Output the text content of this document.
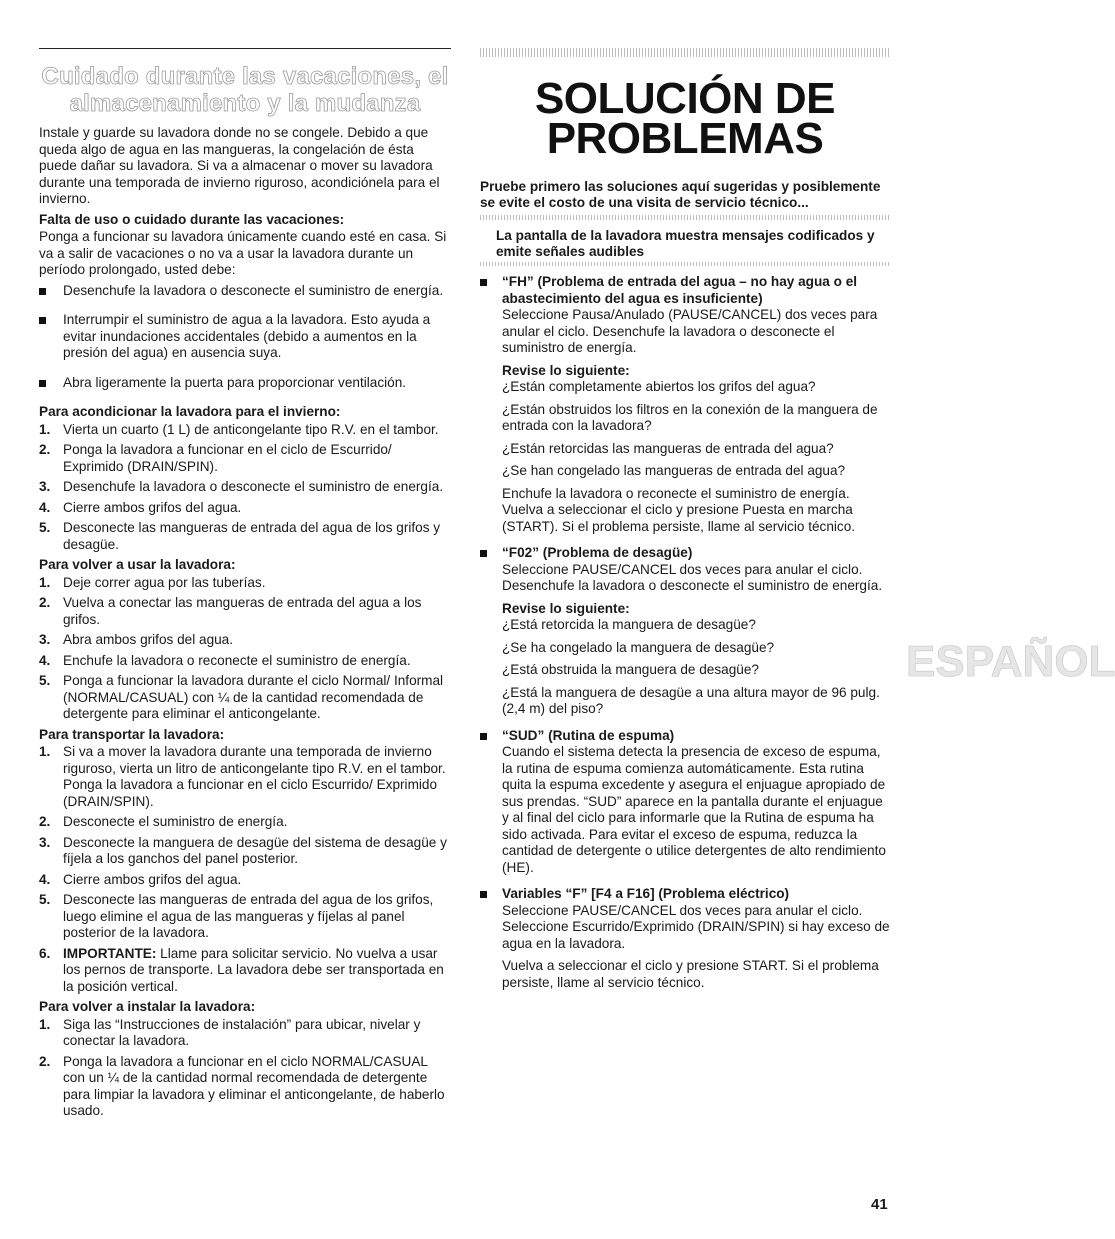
Cuidado durante las vacaciones, el
almacenamiento y la mudanza

Instale y guarde su lavadora donde no se congele. Debido a que queda algo de agua en las mangueras, la congelación de ésta puede dañar su lavadora. Si va a almacenar o mover su lavadora durante una temporada de invierno riguroso, acondiciónela para el invierno.

Falta de uso o cuidado durante las vacaciones:

Ponga a funcionar su lavadora únicamente cuando esté en casa. Si va a salir de vacaciones o no va a usar la lavadora durante un período prolongado, usted debe:

Desenchufe la lavadora o desconecte el suministro de energía.
Interrumpir el suministro de agua a la lavadora. Esto ayuda a evitar inundaciones accidentales (debido a aumentos en la presión del agua) en ausencia suya.
Abra ligeramente la puerta para proporcionar ventilación.
Para acondicionar la lavadora para el invierno:
1. Vierta un cuarto (1 L) de anticongelante tipo R.V. en el tambor.
2. Ponga la lavadora a funcionar en el ciclo de Escurrido/ Exprimido (DRAIN/SPIN).
3. Desenchufe la lavadora o desconecte el suministro de energía.
4. Cierre ambos grifos del agua.
5. Desconecte las mangueras de entrada del agua de los grifos y desagüe.
Para volver a usar la lavadora:
1. Deje correr agua por las tuberías.
2. Vuelva a conectar las mangueras de entrada del agua a los grifos.
3. Abra ambos grifos del agua.
4. Enchufe la lavadora o reconecte el suministro de energía.
5. Ponga a funcionar la lavadora durante el ciclo Normal/ Informal (NORMAL/CASUAL) con ¼ de la cantidad recomendada de detergente para eliminar el anticongelante.
Para transportar la lavadora:
1. Si va a mover la lavadora durante una temporada de invierno riguroso, vierta un litro de anticongelante tipo R.V. en el tambor. Ponga la lavadora a funcionar en el ciclo Escurrido/ Exprimido (DRAIN/SPIN).
2. Desconecte el suministro de energía.
3. Desconecte la manguera de desagüe del sistema de desagüe y fíjela a los ganchos del panel posterior.
4. Cierre ambos grifos del agua.
5. Desconecte las mangueras de entrada del agua de los grifos, luego elimine el agua de las mangueras y fíjelas al panel posterior de la lavadora.
6. IMPORTANTE: Llame para solicitar servicio. No vuelva a usar los pernos de transporte. La lavadora debe ser transportada en la posición vertical.
Para volver a instalar la lavadora:
1. Siga las “Instrucciones de instalación” para ubicar, nivelar y conectar la lavadora.
2. Ponga la lavadora a funcionar en el ciclo NORMAL/CASUAL con un ¼ de la cantidad normal recomendada de detergente para limpiar la lavadora y eliminar el anticongelante, de haberlo usado.
SOLUCIÓN DE
PROBLEMAS

Pruebe primero las soluciones aquí sugeridas y posiblemente se evite el costo de una visita de servicio técnico...

La pantalla de la lavadora muestra mensajes codificados y emite señales audibles
“FH” (Problema de entrada del agua – no hay agua o el abastecimiento del agua es insuficiente)
Seleccione Pausa/Anulado (PAUSE/CANCEL) dos veces para anular el ciclo. Desenchufe la lavadora o desconecte el suministro de energía.
Revise lo siguiente:
¿Están completamente abiertos los grifos del agua?
¿Están obstruidos los filtros en la conexión de la manguera de entrada con la lavadora?
¿Están retorcidas las mangueras de entrada del agua?
¿Se han congelado las mangueras de entrada del agua?
Enchufe la lavadora o reconecte el suministro de energía. Vuelva a seleccionar el ciclo y presione Puesta en marcha (START). Si el problema persiste, llame al servicio técnico.
“F02” (Problema de desagüe)
Seleccione PAUSE/CANCEL dos veces para anular el ciclo. Desenchufe la lavadora o desconecte el suministro de energía.
Revise lo siguiente:
¿Está retorcida la manguera de desagüe?
¿Se ha congelado la manguera de desagüe?
¿Está obstruida la manguera de desagüe?
¿Está la manguera de desagüe a una altura mayor de 96 pulg. (2,4 m) del piso?
“SUD” (Rutina de espuma)
Cuando el sistema detecta la presencia de exceso de espuma, la rutina de espuma comienza automáticamente. Esta rutina quita la espuma excedente y asegura el enjuague apropiado de sus prendas. “SUD” aparece en la pantalla durante el enjuague y al final del ciclo para informarle que la Rutina de espuma ha sido activada. Para evitar el exceso de espuma, reduzca la cantidad de detergente o utilice detergentes de alto rendimiento (HE).
Variables “F” [F4 a F16] (Problema eléctrico)
Seleccione PAUSE/CANCEL dos veces para anular el ciclo. Seleccione Escurrido/Exprimido (DRAIN/SPIN) si hay exceso de agua en la lavadora.
Vuelva a seleccionar el ciclo y presione START. Si el problema persiste, llame al servicio técnico.
ESPAÑOL
41
